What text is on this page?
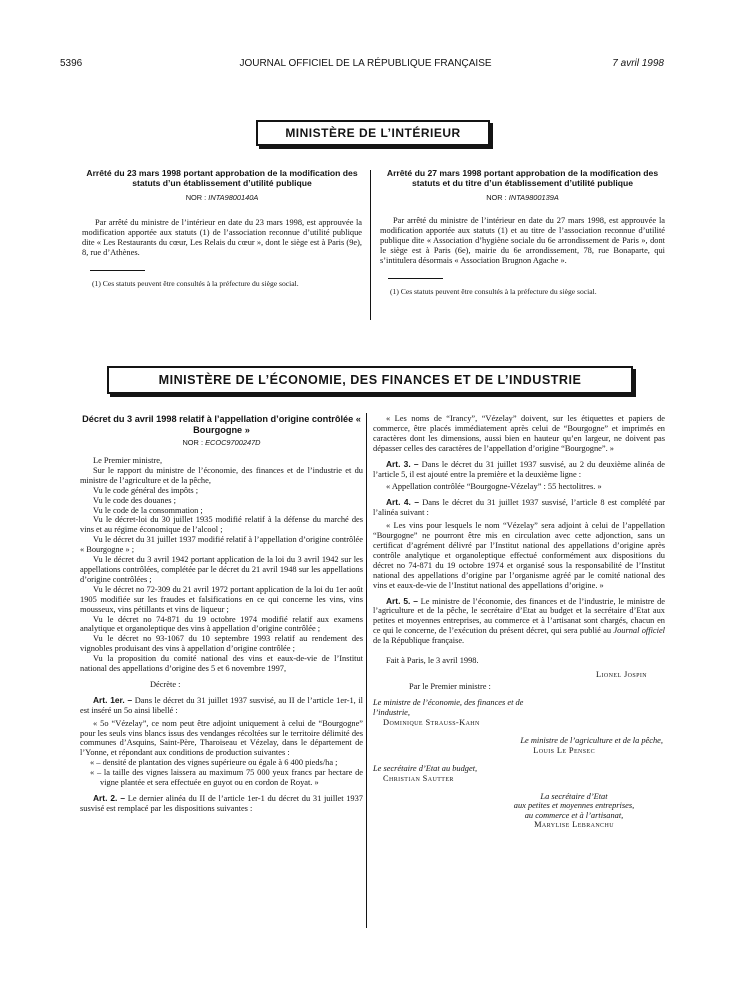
5396	JOURNAL OFFICIEL DE LA RÉPUBLIQUE FRANÇAISE	7 avril 1998
MINISTÈRE DE L’INTÉRIEUR
Arrêté du 23 mars 1998 portant approbation de la modification des statuts d’un établissement d’utilité publique
NOR : INTA9800140A

Par arrêté du ministre de l’intérieur en date du 23 mars 1998, est approuvée la modification apportée aux statuts (1) de l’association reconnue d’utilité publique dite « Les Restaurants du cœur, Les Relais du cœur », dont le siège est à Paris (9e), 8, rue d’Athènes.

(1) Ces statuts peuvent être consultés à la préfecture du siège social.
Arrêté du 27 mars 1998 portant approbation de la modification des statuts et du titre d’un établissement d’utilité publique
NOR : INTA9800139A

Par arrêté du ministre de l’intérieur en date du 27 mars 1998, est approuvée la modification apportée aux statuts (1) et au titre de l’association reconnue d’utilité publique dite « Association d’hygiène sociale du 6e arrondissement de Paris », dont le siège est à Paris (6e), mairie du 6e arrondissement, 78, rue Bonaparte, qui s’intitulera désormais « Association Brugnon Agache ».

(1) Ces statuts peuvent être consultés à la préfecture du siège social.
MINISTÈRE DE L’ÉCONOMIE, DES FINANCES ET DE L’INDUSTRIE
Décret du 3 avril 1998 relatif à l’appellation d’origine contrôlée « Bourgogne »
NOR : ECOC9700247D

Le Premier ministre,

Sur le rapport du ministre de l’économie, des finances et de l’industrie et du ministre de l’agriculture et de la pêche,

Vu le code général des impôts ;

Vu le code des douanes ;

Vu le code de la consommation ;

Vu le décret-loi du 30 juillet 1935 modifié relatif à la défense du marché des vins et au régime économique de l’alcool ;

Vu le décret du 31 juillet 1937 modifié relatif à l’appellation d’origine contrôlée « Bourgogne » ;

Vu le décret du 3 avril 1942 portant application de la loi du 3 avril 1942 sur les appellations contrôlées, complétée par le décret du 21 avril 1948 sur les appellations d’origine contrôlées ;

Vu le décret no 72-309 du 21 avril 1972 portant application de la loi du 1er août 1905 modifiée sur les fraudes et falsifications en ce qui concerne les vins, vins mousseux, vins pétillants et vins de liqueur ;

Vu le décret no 74-871 du 19 octobre 1974 modifié relatif aux examens analytique et organoleptique des vins à appellation d’origine contrôlée ;

Vu le décret no 93-1067 du 10 septembre 1993 relatif au rendement des vignobles produisant des vins à appellation d’origine contrôlée ;

Vu la proposition du comité national des vins et eaux-de-vie de l’Institut national des appellations d’origine des 5 et 6 novembre 1997,

Décrète :

Art. 1er. – Dans le décret du 31 juillet 1937 susvisé, au II de l’article 1er-1, il est inséré un 5o ainsi libellé :

« 5o “Vézelay”, ce nom peut être adjoint uniquement à celui de “Bourgogne” pour les seuls vins blancs issus des vendanges récoltées sur le territoire délimité des communes d’Asquins, Saint-Père, Tharoiseau et Vézelay, dans le département de l’Yonne, et répondant aux conditions de production suivantes :

« – densité de plantation des vignes supérieure ou égale à 6 400 pieds/ha ;

« – la taille des vignes laissera au maximum 75 000 yeux francs par hectare de vigne plantée et sera effectuée en guyot ou en cordon de Royat. »

Art. 2. – Le dernier alinéa du II de l’article 1er-1 du décret du 31 juillet 1937 susvisé est remplacé par les dispositions suivantes :

« Les noms de “Irancy”, “Vézelay” doivent, sur les étiquettes et papiers de commerce, être placés immédiatement après celui de “Bourgogne” et imprimés en caractères dont les dimensions, aussi bien en hauteur qu’en largeur, ne doivent pas dépasser celles des caractères de l’appellation d’origine “Bourgogne”. »

Art. 3. – Dans le décret du 31 juillet 1937 susvisé, au 2 du deuxième alinéa de l’article 5, il est ajouté entre la première et la deuxième ligne :

« Appellation contrôlée “Bourgogne-Vézelay” : 55 hectolitres. »

Art. 4. – Dans le décret du 31 juillet 1937 susvisé, l’article 8 est complété par l’alinéa suivant :

« Les vins pour lesquels le nom “Vézelay” sera adjoint à celui de l’appellation “Bourgogne” ne pourront être mis en circulation avec cette adjonction, sans un certificat d’agrément délivré par l’Institut national des appellations d’origine après contrôle analytique et organoleptique effectué conformément aux dispositions du décret no 74-871 du 19 octobre 1974 et organisé sous la responsabilité de l’Institut national des appellations d’origine par l’organisme agréé par le comité national des vins et eaux-de-vie de l’Institut national des appellations d’origine. »

Art. 5. – Le ministre de l’économie, des finances et de l’industrie, le ministre de l’agriculture et de la pêche, le secrétaire d’Etat au budget et la secrétaire d’Etat aux petites et moyennes entreprises, au commerce et à l’artisanat sont chargés, chacun en ce qui le concerne, de l’exécution du présent décret, qui sera publié au Journal officiel de la République française.

Fait à Paris, le 3 avril 1998.

Lionel Jospin
Par le Premier ministre :
Le ministre de l’économie, des finances et de l’industrie,
Dominique Strauss-Kahn
Le ministre de l’agriculture et de la pêche,
Louis Le Pensec
Le secrétaire d’Etat au budget,
Christian Sautter
La secrétaire d’Etat
aux petites et moyennes entreprises,
au commerce et à l’artisanat,
Marylise Lebranchu
